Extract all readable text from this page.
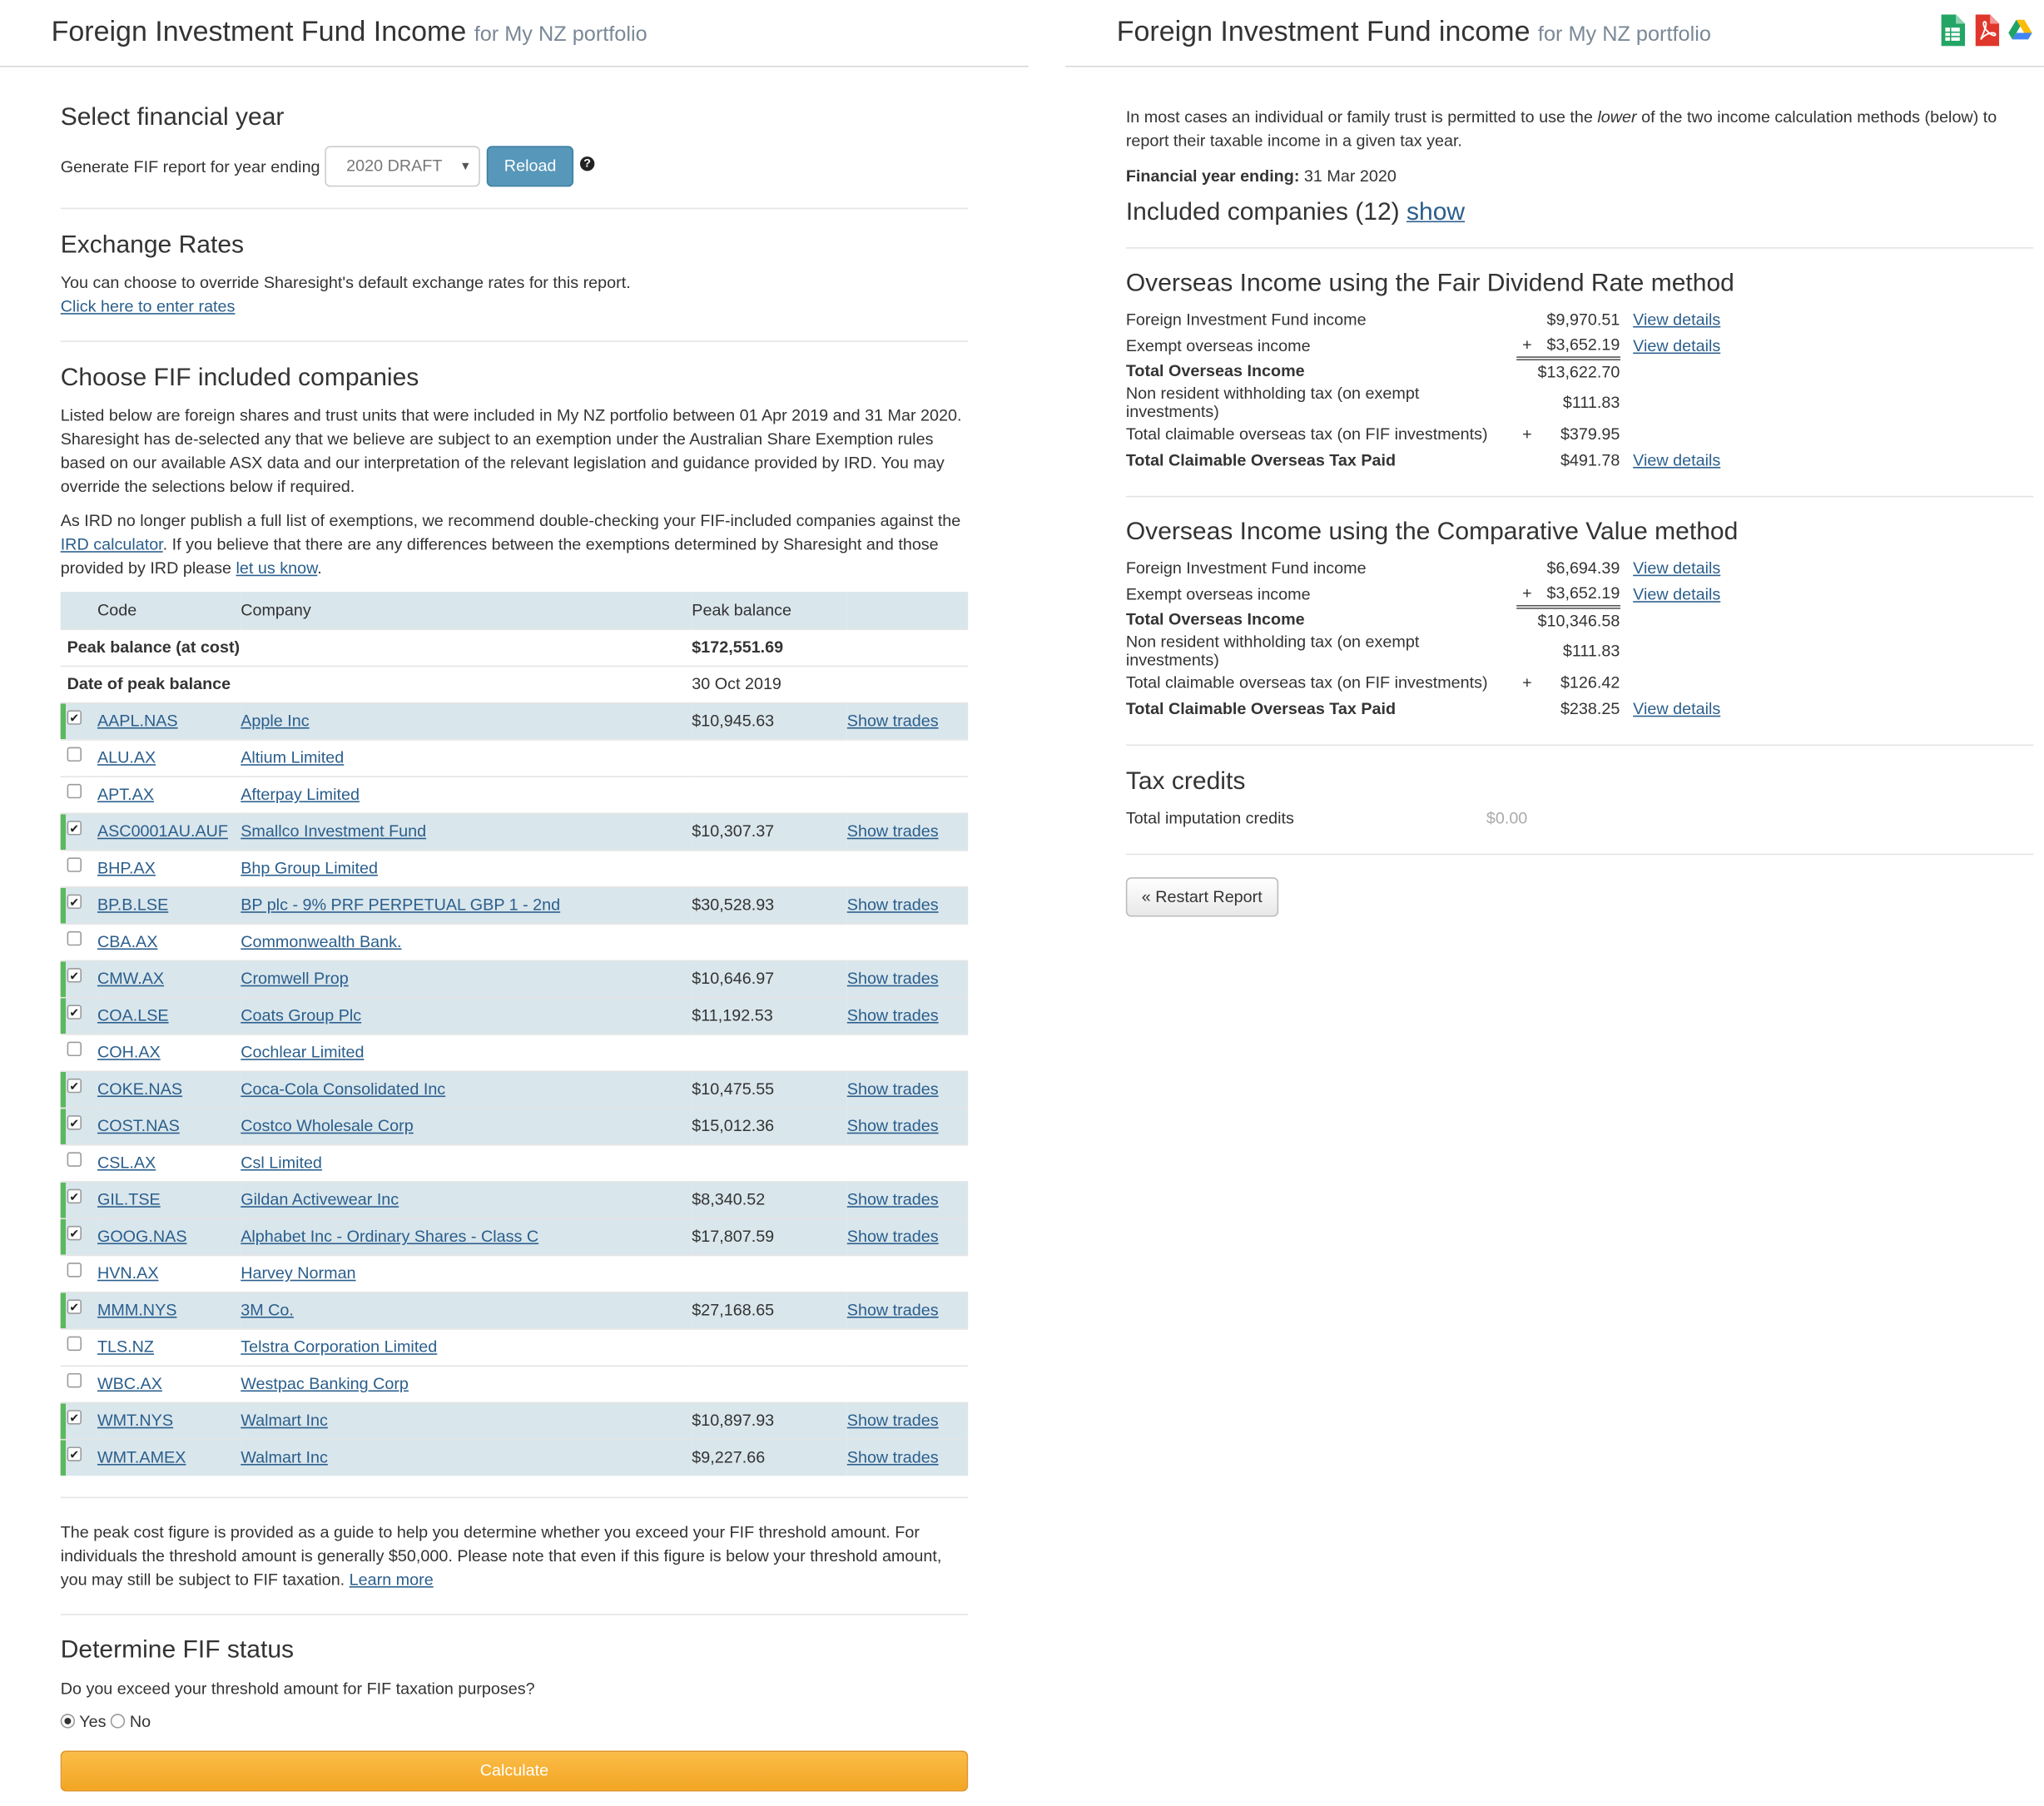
Foreign Investment Fund Income for My NZ portfolio
Select financial year
Generate FIF report for year ending	2020 DRAFT ▼	Reload	?
Exchange Rates

You can choose to override Sharesight's default exchange rates for this report.

Click here to enter rates

Choose FIF included companies

Listed below are foreign shares and trust units that were included in My NZ portfolio between 01 Apr 2019 and 31 Mar 2020. Sharesight has de-selected any that we believe are subject to an exemption under the Australian Share Exemption rules based on our available ASX data and our interpretation of the relevant legislation and guidance provided by IRD. You may override the selections below if required.

As IRD no longer publish a full list of exemptions, we recommend double-checking your FIF-included companies against the IRD calculator. If you believe that there are any differences between the exemptions determined by Sharesight and those provided by IRD please let us know.

	Code	Company	Peak balance	
Peak balance (at cost)			$172,551.69	
Date of peak balance			30 Oct 2019	
✔	AAPL.NAS	Apple Inc	$10,945.63	Show trades
	ALU.AX	Altium Limited		
	APT.AX	Afterpay Limited		
✔	ASC0001AU.AUF	Smallco Investment Fund	$10,307.37	Show trades
	BHP.AX	Bhp Group Limited		
✔	BP.B.LSE	BP plc - 9% PRF PERPETUAL GBP 1 - 2nd	$30,528.93	Show trades
	CBA.AX	Commonwealth Bank.		
✔	CMW.AX	Cromwell Prop	$10,646.97	Show trades
✔	COA.LSE	Coats Group Plc	$11,192.53	Show trades
	COH.AX	Cochlear Limited		
✔	COKE.NAS	Coca-Cola Consolidated Inc	$10,475.55	Show trades
✔	COST.NAS	Costco Wholesale Corp	$15,012.36	Show trades
	CSL.AX	Csl Limited		
✔	GIL.TSE	Gildan Activewear Inc	$8,340.52	Show trades
✔	GOOG.NAS	Alphabet Inc - Ordinary Shares - Class C	$17,807.59	Show trades
	HVN.AX	Harvey Norman		
✔	MMM.NYS	3M Co.	$27,168.65	Show trades
	TLS.NZ	Telstra Corporation Limited		
	WBC.AX	Westpac Banking Corp		
✔	WMT.NYS	Walmart Inc	$10,897.93	Show trades
✔	WMT.AMEX	Walmart Inc	$9,227.66	Show trades

The peak cost figure is provided as a guide to help you determine whether you exceed your FIF threshold amount. For individuals the threshold amount is generally $50,000. Please note that even if this figure is below your threshold amount, you may still be subject to FIF taxation. Learn more

Determine FIF status

Do you exceed your threshold amount for FIF taxation purposes?

Yes No
Calculate
Foreign Investment Fund income for My NZ portfolio

In most cases an individual or family trust is permitted to use the lower of the two income calculation methods (below) to report their taxable income in a given tax year.

Financial year ending: 31 Mar 2020

Included companies (12) show
Overseas Income using the Fair Dividend Rate method
Foreign Investment Fund income		$9,970.51		View details
Exempt overseas income	+	$3,652.19		View details
Total Overseas Income		$13,622.70		
Non resident withholding tax (on exempt investments)		$111.83		
Total claimable overseas tax (on FIF investments)	+	$379.95		
Total Claimable Overseas Tax Paid		$491.78		View details
Overseas Income using the Comparative Value method
Foreign Investment Fund income		$6,694.39		View details
Exempt overseas income	+	$3,652.19		View details
Total Overseas Income		$10,346.58		
Non resident withholding tax (on exempt investments)		$111.83		
Total claimable overseas tax (on FIF investments)	+	$126.42		
Total Claimable Overseas Tax Paid		$238.25		View details
Tax credits
Total imputation credits	$0.00
« Restart Report
